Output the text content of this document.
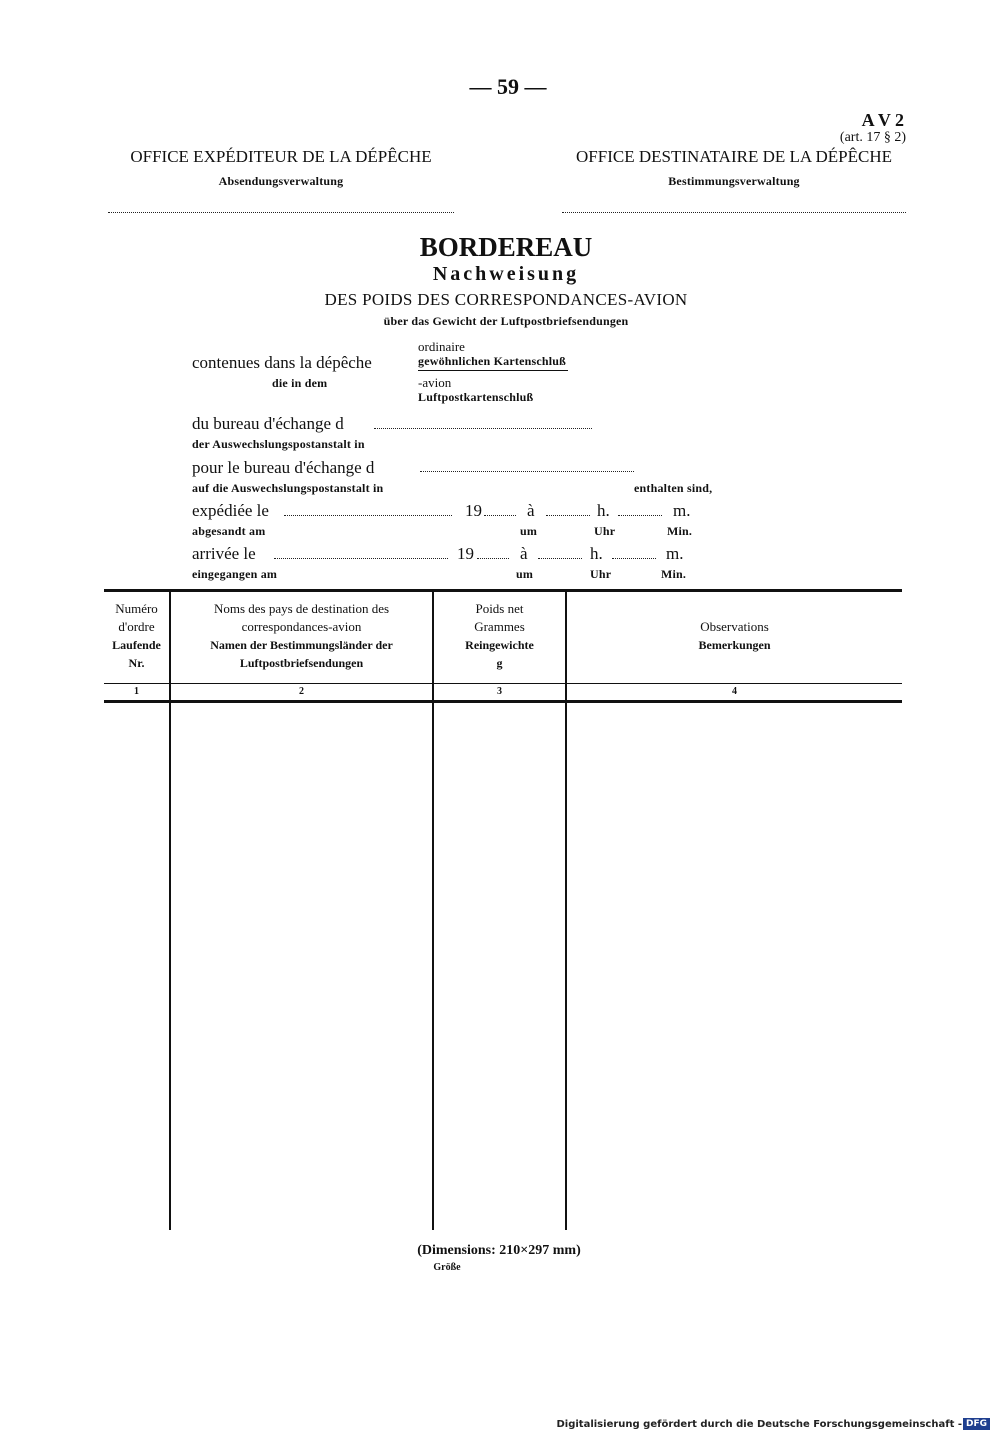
— 59 —
A V 2
(art. 17 § 2)
OFFICE EXPÉDITEUR DE LA DÉPÊCHE
Absendungsverwaltung
OFFICE DESTINATAIRE DE LA DÉPÊCHE
Bestimmungsverwaltung
BORDEREAU
Nachweisung
DES POIDS DES CORRESPONDANCES-AVION
über das Gewicht der Luftpostbriefsendungen
contenues dans la dépêche
die in dem
ordinaire
gewöhnlichen Kartenschluß
-avion
Luftpostkartenschluß
du bureau d'échange d
der Auswechslungspostanstalt in
pour le bureau d'échange d
auf die Auswechslungspostanstalt in	enthalten sind,
expédiée le	19	à	h.	m.
abgesandt am	um	Uhr	Min.
arrivée le	19	à	h.	m.
eingegangen am	um	Uhr	Min.
Numéro
d'ordre
Laufende
Nr.
Noms des pays de destination des
correspondances-avion
Namen der Bestimmungsländer der
Luftpostbriefsendungen
Poids net
Grammes
Reingewichte
g
Observations
Bemerkungen
1	2	3	4
(Dimensions: 210×297 mm)
Größe
Digitalisierung gefördert durch die Deutsche Forschungsgemeinschaft - DFG
